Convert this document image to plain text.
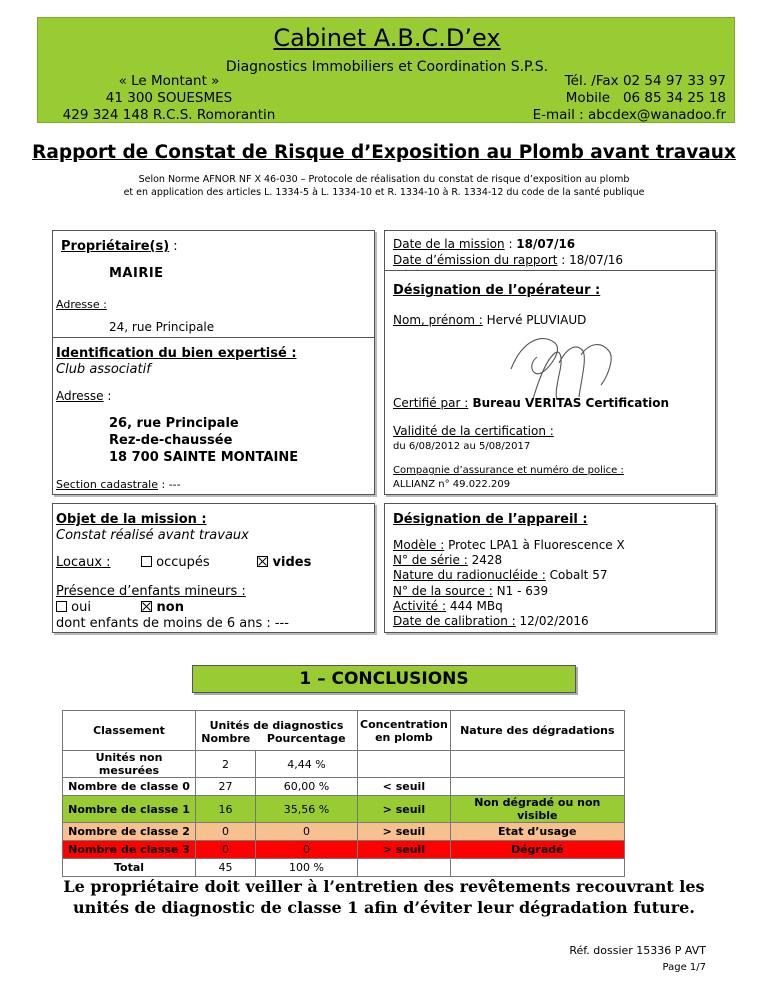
Cabinet A.B.C.D’ex
Diagnostics Immobiliers et Coordination S.P.S.
« Le Montant »
41 300 SOUESMES
429 324 148 R.C.S. Romorantin
Tél. /Fax 02 54 97 33 97
Mobile   06 85 34 25 18
E-mail : abcdex@wanadoo.fr
Rapport de Constat de Risque d’Exposition au Plomb avant travaux
Selon Norme AFNOR NF X 46-030 – Protocole de réalisation du constat de risque d’exposition au plomb
et en application des articles L. 1334-5 à L. 1334-10 et R. 1334-10 à R. 1334-12 du code de la santé publique
Propriétaire(s) :
MAIRIE
Adresse :
24, rue Principale
Identification du bien expertisé :
Club associatif
Adresse :
26, rue Principale
Rez-de-chaussée
18 700 SAINTE MONTAINE
Section cadastrale : ---
Date de la mission : 18/07/16
Date d’émission du rapport : 18/07/16
Désignation de l’opérateur :
Nom, prénom : Hervé PLUVIAUD
Certifié par : Bureau VERITAS Certification
Validité de la certification :
du 6/08/2012 au 5/08/2017
Compagnie d’assurance et numéro de police :
ALLIANZ n° 49.022.209
Objet de la mission :
Constat réalisé avant travaux
Locaux :	occupés	vides
Présence d’enfants mineurs :
oui	non
dont enfants de moins de 6 ans : ---
Désignation de l’appareil :
Modèle : Protec LPA1 à Fluorescence X
N° de série : 2428
Nature du radionucléide : Cobalt 57
N° de la source : N1 - 639
Activité : 444 MBq
Date de calibration : 12/02/2016
1 – CONCLUSIONS
Classement	Unités de diagnostics		Concentration en plomb	Nature des dégradations
	Nombre	Pourcentage		
Unités non mesurées	2	4,44 %		
Nombre de classe 0	27	60,00 %	< seuil	
Nombre de classe 1	16	35,56 %	> seuil	Non dégradé ou non visible
Nombre de classe 2	0	0	> seuil	Etat d’usage
Nombre de classe 3	0	0	> seuil	Dégradé
Total	45	100 %		
Le propriétaire doit veiller à l’entretien des revêtements recouvrant les unités de diagnostic de classe 1 afin d’éviter leur dégradation future.
Réf. dossier 15336 P AVT
Page 1/7
